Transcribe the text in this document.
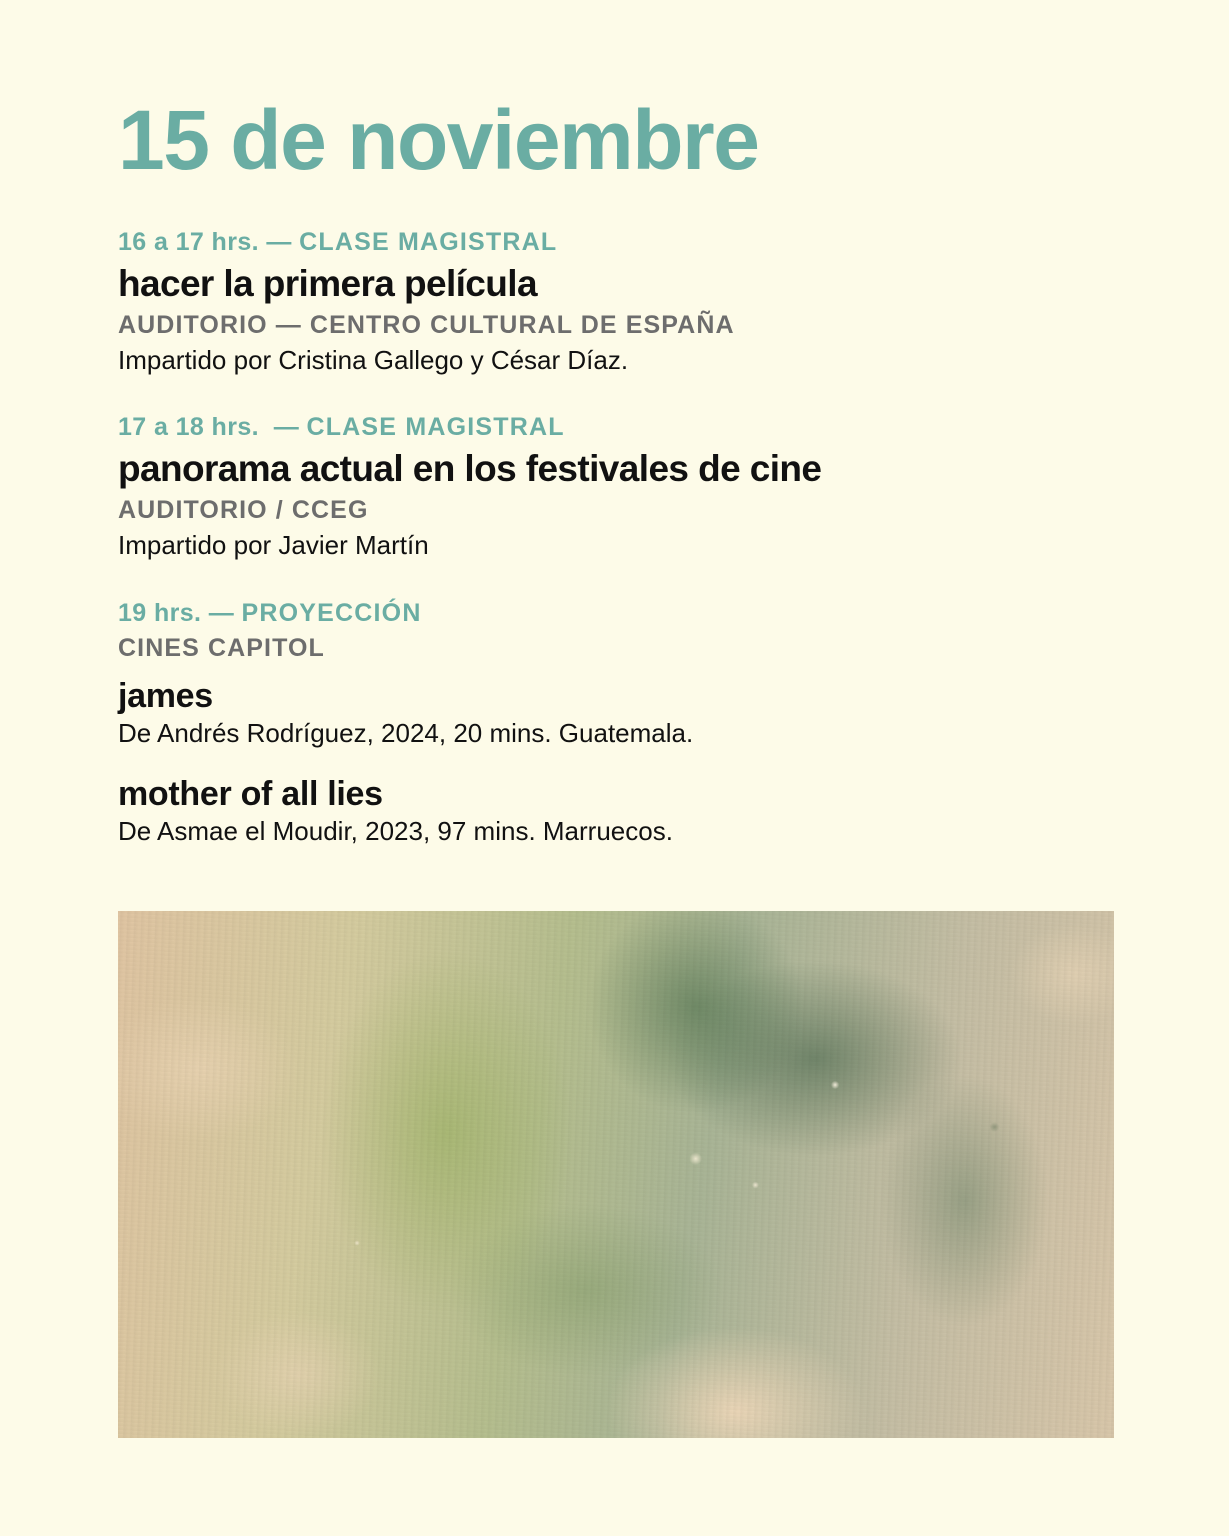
15 de noviembre
16 a 17 hrs. — CLASE MAGISTRAL
hacer la primera película
AUDITORIO — CENTRO CULTURAL DE ESPAÑA
Impartido por Cristina Gallego y César Díaz.
17 a 18 hrs.  — CLASE MAGISTRAL
panorama actual en los festivales de cine
AUDITORIO / CCEG
Impartido por Javier Martín
19 hrs. — PROYECCIÓN
CINES CAPITOL
james
De Andrés Rodríguez, 2024, 20 mins. Guatemala.
mother of all lies
De Asmae el Moudir, 2023, 97 mins. Marruecos.
